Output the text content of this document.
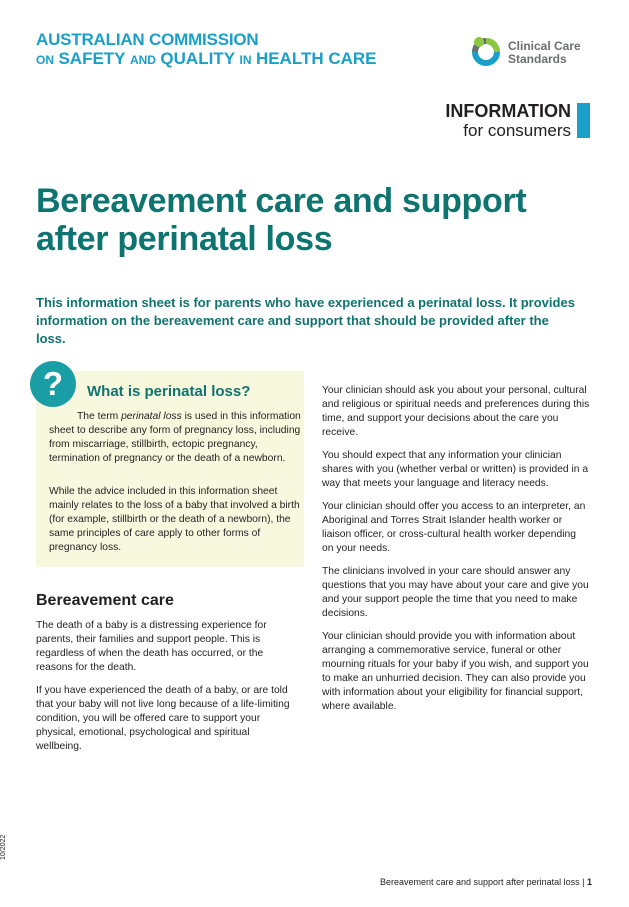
AUSTRALIAN COMMISSION
ON SAFETY AND QUALITY IN HEALTH CARE
Clinical Care
Standards
INFORMATION
for consumers
Bereavement care and support
after perinatal loss
This information sheet is for parents who have experienced a perinatal loss. It provides information on the bereavement care and support that should be provided after the loss.
?	What is perinatal loss?

The term perinatal loss is used in this information sheet to describe any form of pregnancy loss, including from miscarriage, stillbirth, ectopic pregnancy, termination of pregnancy or the death of a newborn.

While the advice included in this information sheet mainly relates to the loss of a baby that involved a birth (for example, stillbirth or the death of a newborn), the same principles of care apply to other forms of pregnancy loss.
Bereavement care

The death of a baby is a distressing experience for parents, their families and support people. This is regardless of when the death has occurred, or the reasons for the death.

If you have experienced the death of a baby, or are told that your baby will not live long because of a life-limiting condition, you will be offered care to support your physical, emotional, psychological and spiritual wellbeing.

Your clinician should ask you about your personal, cultural and religious or spiritual needs and preferences during this time, and support your decisions about the care you receive.

You should expect that any information your clinician shares with you (whether verbal or written) is provided in a way that meets your language and literacy needs.

Your clinician should offer you access to an interpreter, an Aboriginal and Torres Strait Islander health worker or liaison officer, or cross-cultural health worker depending on your needs.

The clinicians involved in your care should answer any questions that you may have about your care and give you and your support people the time that you need to make decisions.

Your clinician should provide you with information about arranging a commemorative service, funeral or other mourning rituals for your baby if you wish, and support you to make an unhurried decision. They can also provide you with information about your eligibility for financial support, where available.

10/2022
Bereavement care and support after perinatal loss | 1
